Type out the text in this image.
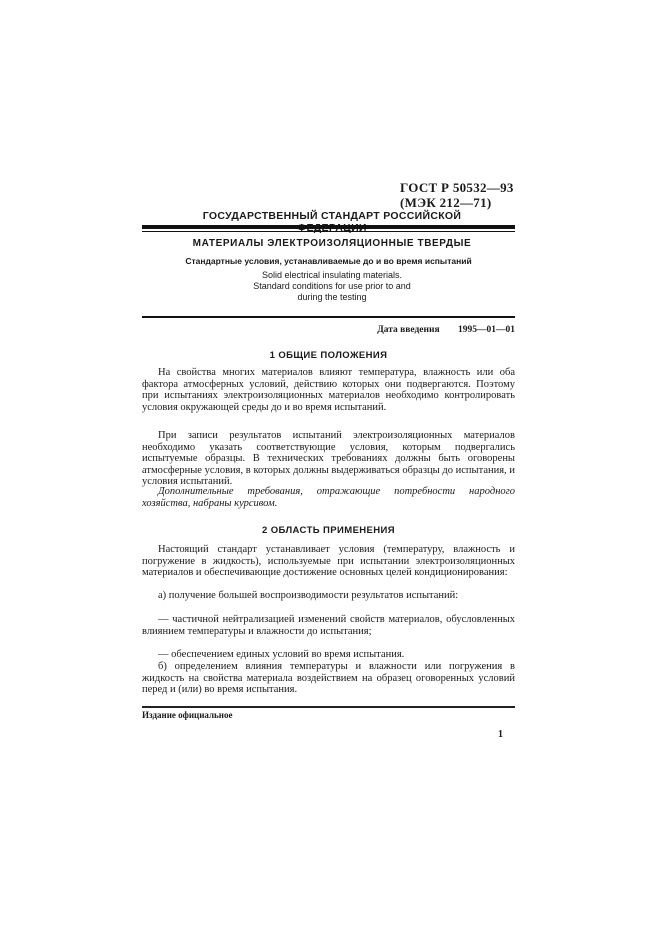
ГОСТ Р 50532—93
(МЭК 212—71)
ГОСУДАРСТВЕННЫЙ СТАНДАРТ РОССИЙСКОЙ
МАТЕРИАЛЫ ЭЛЕКТРОИЗОЛЯЦИОННЫЕ ТВЕРДЫЕ
Стандартные условия, устанавливаемые до и во время испытаний
Solid electrical insulating materials.
Standard conditions for use prior to and
during the testing
Дата введения 1995—01—01
1 ОБЩИЕ ПОЛОЖЕНИЯ
На свойства многих материалов влияют температура, влажность или оба фактора атмосферных условий, действию которых они подвергаются. Поэтому при испытаниях электроизоляционных материалов необходимо контролировать условия окружающей среды до и во время испытаний.
При записи результатов испытаний электроизоляционных материалов необходимо указать соответствующие условия, которым подвергались испытуемые образцы. В технических требованиях должны быть оговорены атмосферные условия, в которых должны выдерживаться образцы до испытания, и условия испытаний.
Дополнительные требования, отражающие потребности народного хозяйства, набраны курсивом.
2 ОБЛАСТЬ ПРИМЕНЕНИЯ
Настоящий стандарт устанавливает условия (температуру, влажность и погружение в жидкость), используемые при испытании электроизоляционных материалов и обеспечивающие достижение основных целей кондиционирования:
а) получение большей воспроизводимости результатов испытаний:
— частичной нейтрализацией изменений свойств материалов, обусловленных влиянием температуры и влажности до испытания;
— обеспечением единых условий во время испытания.
б) определением влияния температуры и влажности или погружения в жидкость на свойства материала воздействием на образец оговоренных условий перед и (или) во время испытания.
Издание официальное
1
